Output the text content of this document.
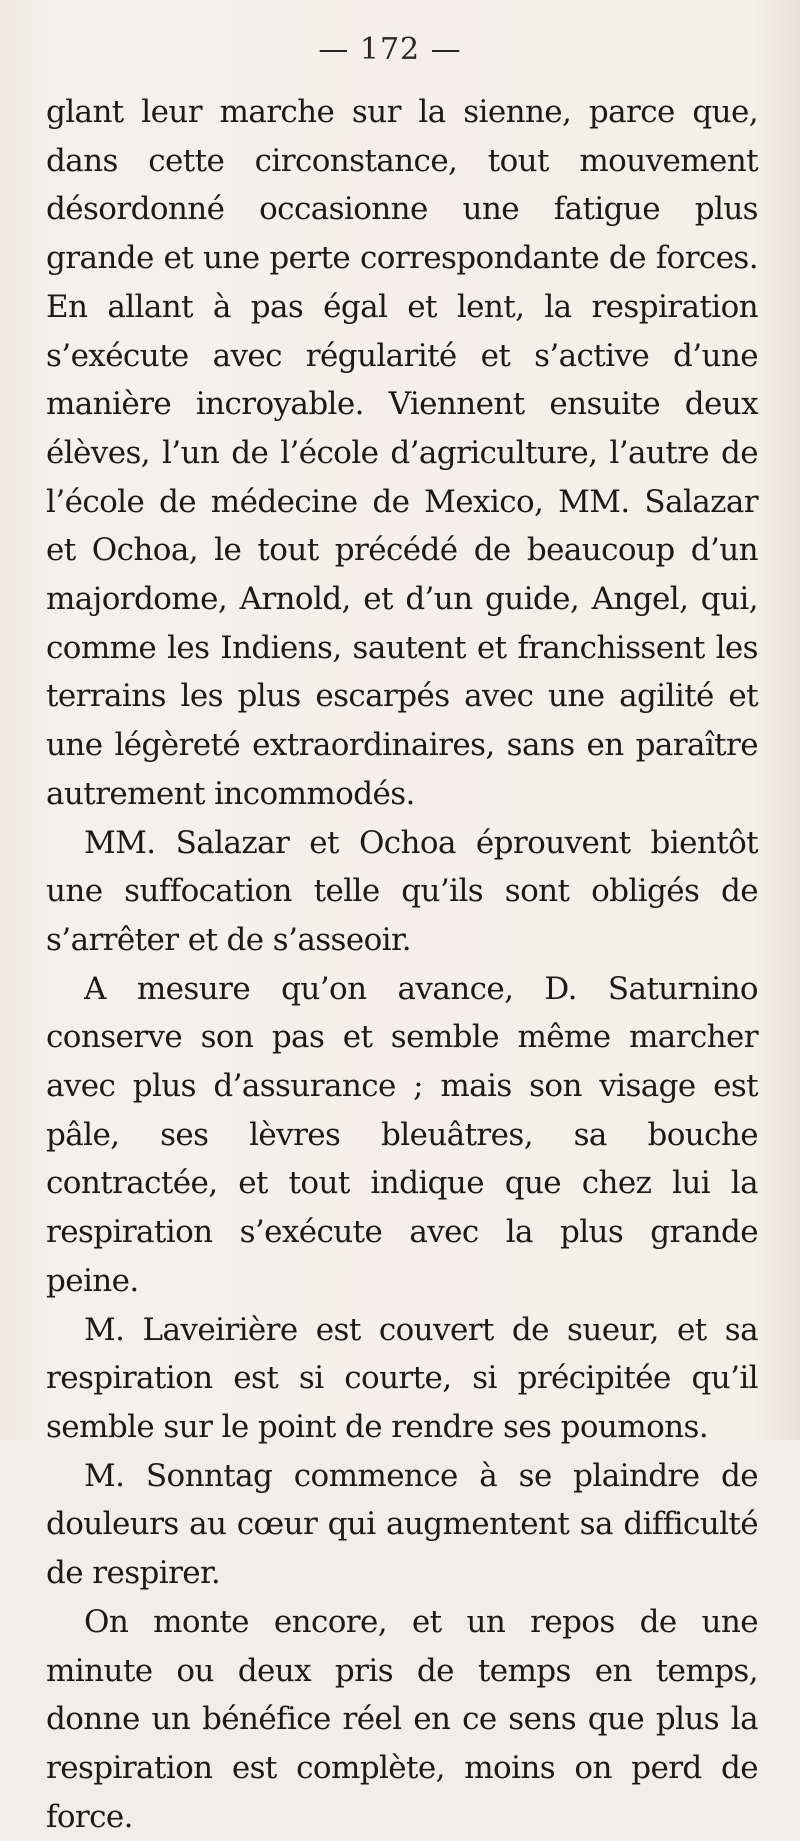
— 172 —

glant leur marche sur la sienne, parce que, dans cette circonstance, tout mouvement désordonné occasionne une fatigue plus grande et une perte correspondante de forces. En allant à pas égal et lent, la respiration s’exécute avec régularité et s’active d’une manière incroyable. Viennent ensuite deux élèves, l’un de l’école d’agriculture, l’autre de l’école de médecine de Mexico, MM. Salazar et Ochoa, le tout précédé de beaucoup d’un majordome, Arnold, et d’un guide, Angel, qui, comme les Indiens, sautent et franchissent les terrains les plus escarpés avec une agilité et une légèreté extraordinaires, sans en paraître autrement incommodés.

MM. Salazar et Ochoa éprouvent bientôt une suffocation telle qu’ils sont obligés de s’arrêter et de s’asseoir.

A mesure qu’on avance, D. Saturnino conserve son pas et semble même marcher avec plus d’assurance ; mais son visage est pâle, ses lèvres bleuâtres, sa bouche contractée, et tout indique que chez lui la respiration s’exécute avec la plus grande peine.

M. Laveirière est couvert de sueur, et sa respiration est si courte, si précipitée qu’il semble sur le point de rendre ses poumons.

M. Sonntag commence à se plaindre de douleurs au cœur qui augmentent sa difficulté de respirer.

On monte encore, et un repos de une minute ou deux pris de temps en temps, donne un bénéfice réel en ce sens que plus la respiration est complète, moins on perd de force.
